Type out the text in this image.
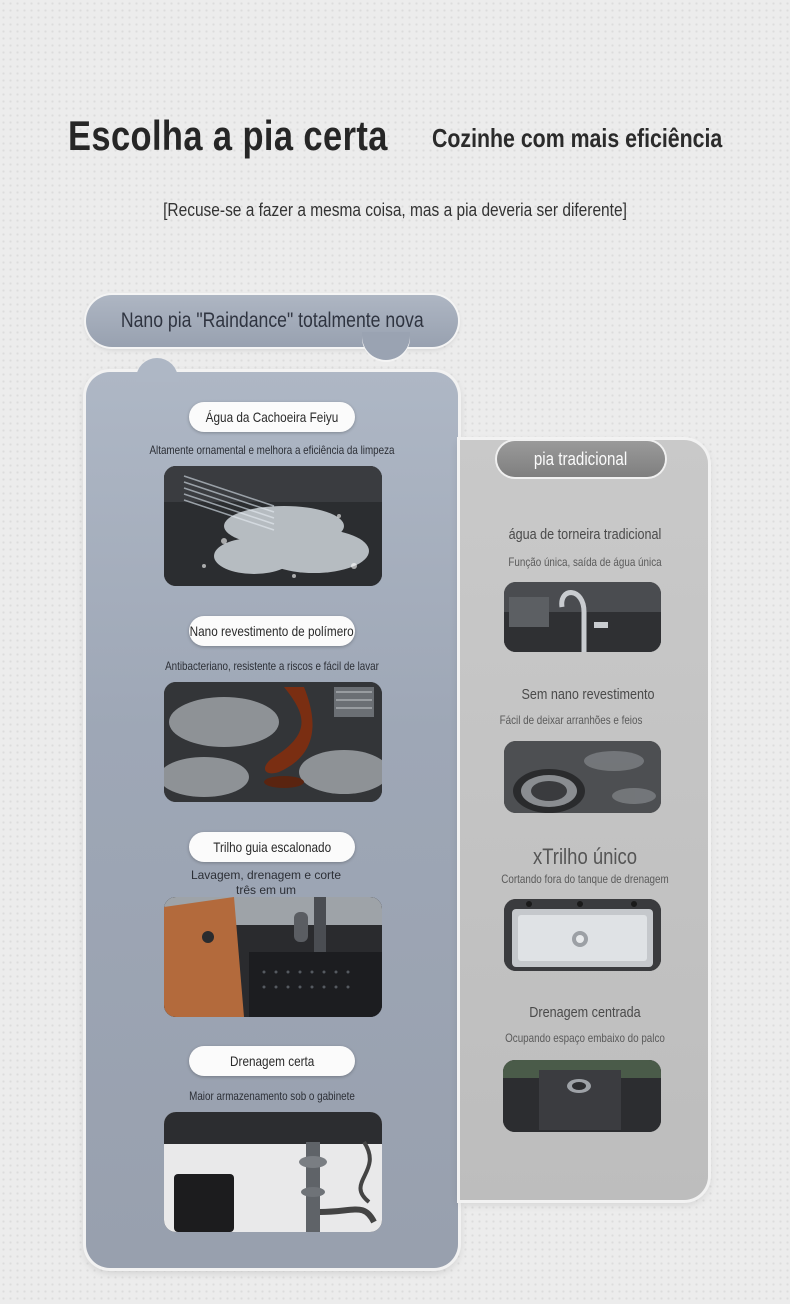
Escolha a pia certa Cozinhe com mais eficiência
[Recuse-se a fazer a mesma coisa, mas a pia deveria ser diferente]
Nano pia "Raindance" totalmente nova
pia tradicional
Água da Cachoeira Feiyu
Altamente ornamental e melhora a eficiência da limpeza
Nano revestimento de polímero
Antibacteriano, resistente a riscos e fácil de lavar
Trilho guia escalonado
Lavagem, drenagem e corte três em um
Drenagem certa
Maior armazenamento sob o gabinete
água de torneira tradicional
Função única, saída de água única
Sem nano revestimento
Fácil de deixar arranhões e feios
xTrilho único
Cortando fora do tanque de drenagem
Drenagem centrada
Ocupando espaço embaixo do palco
